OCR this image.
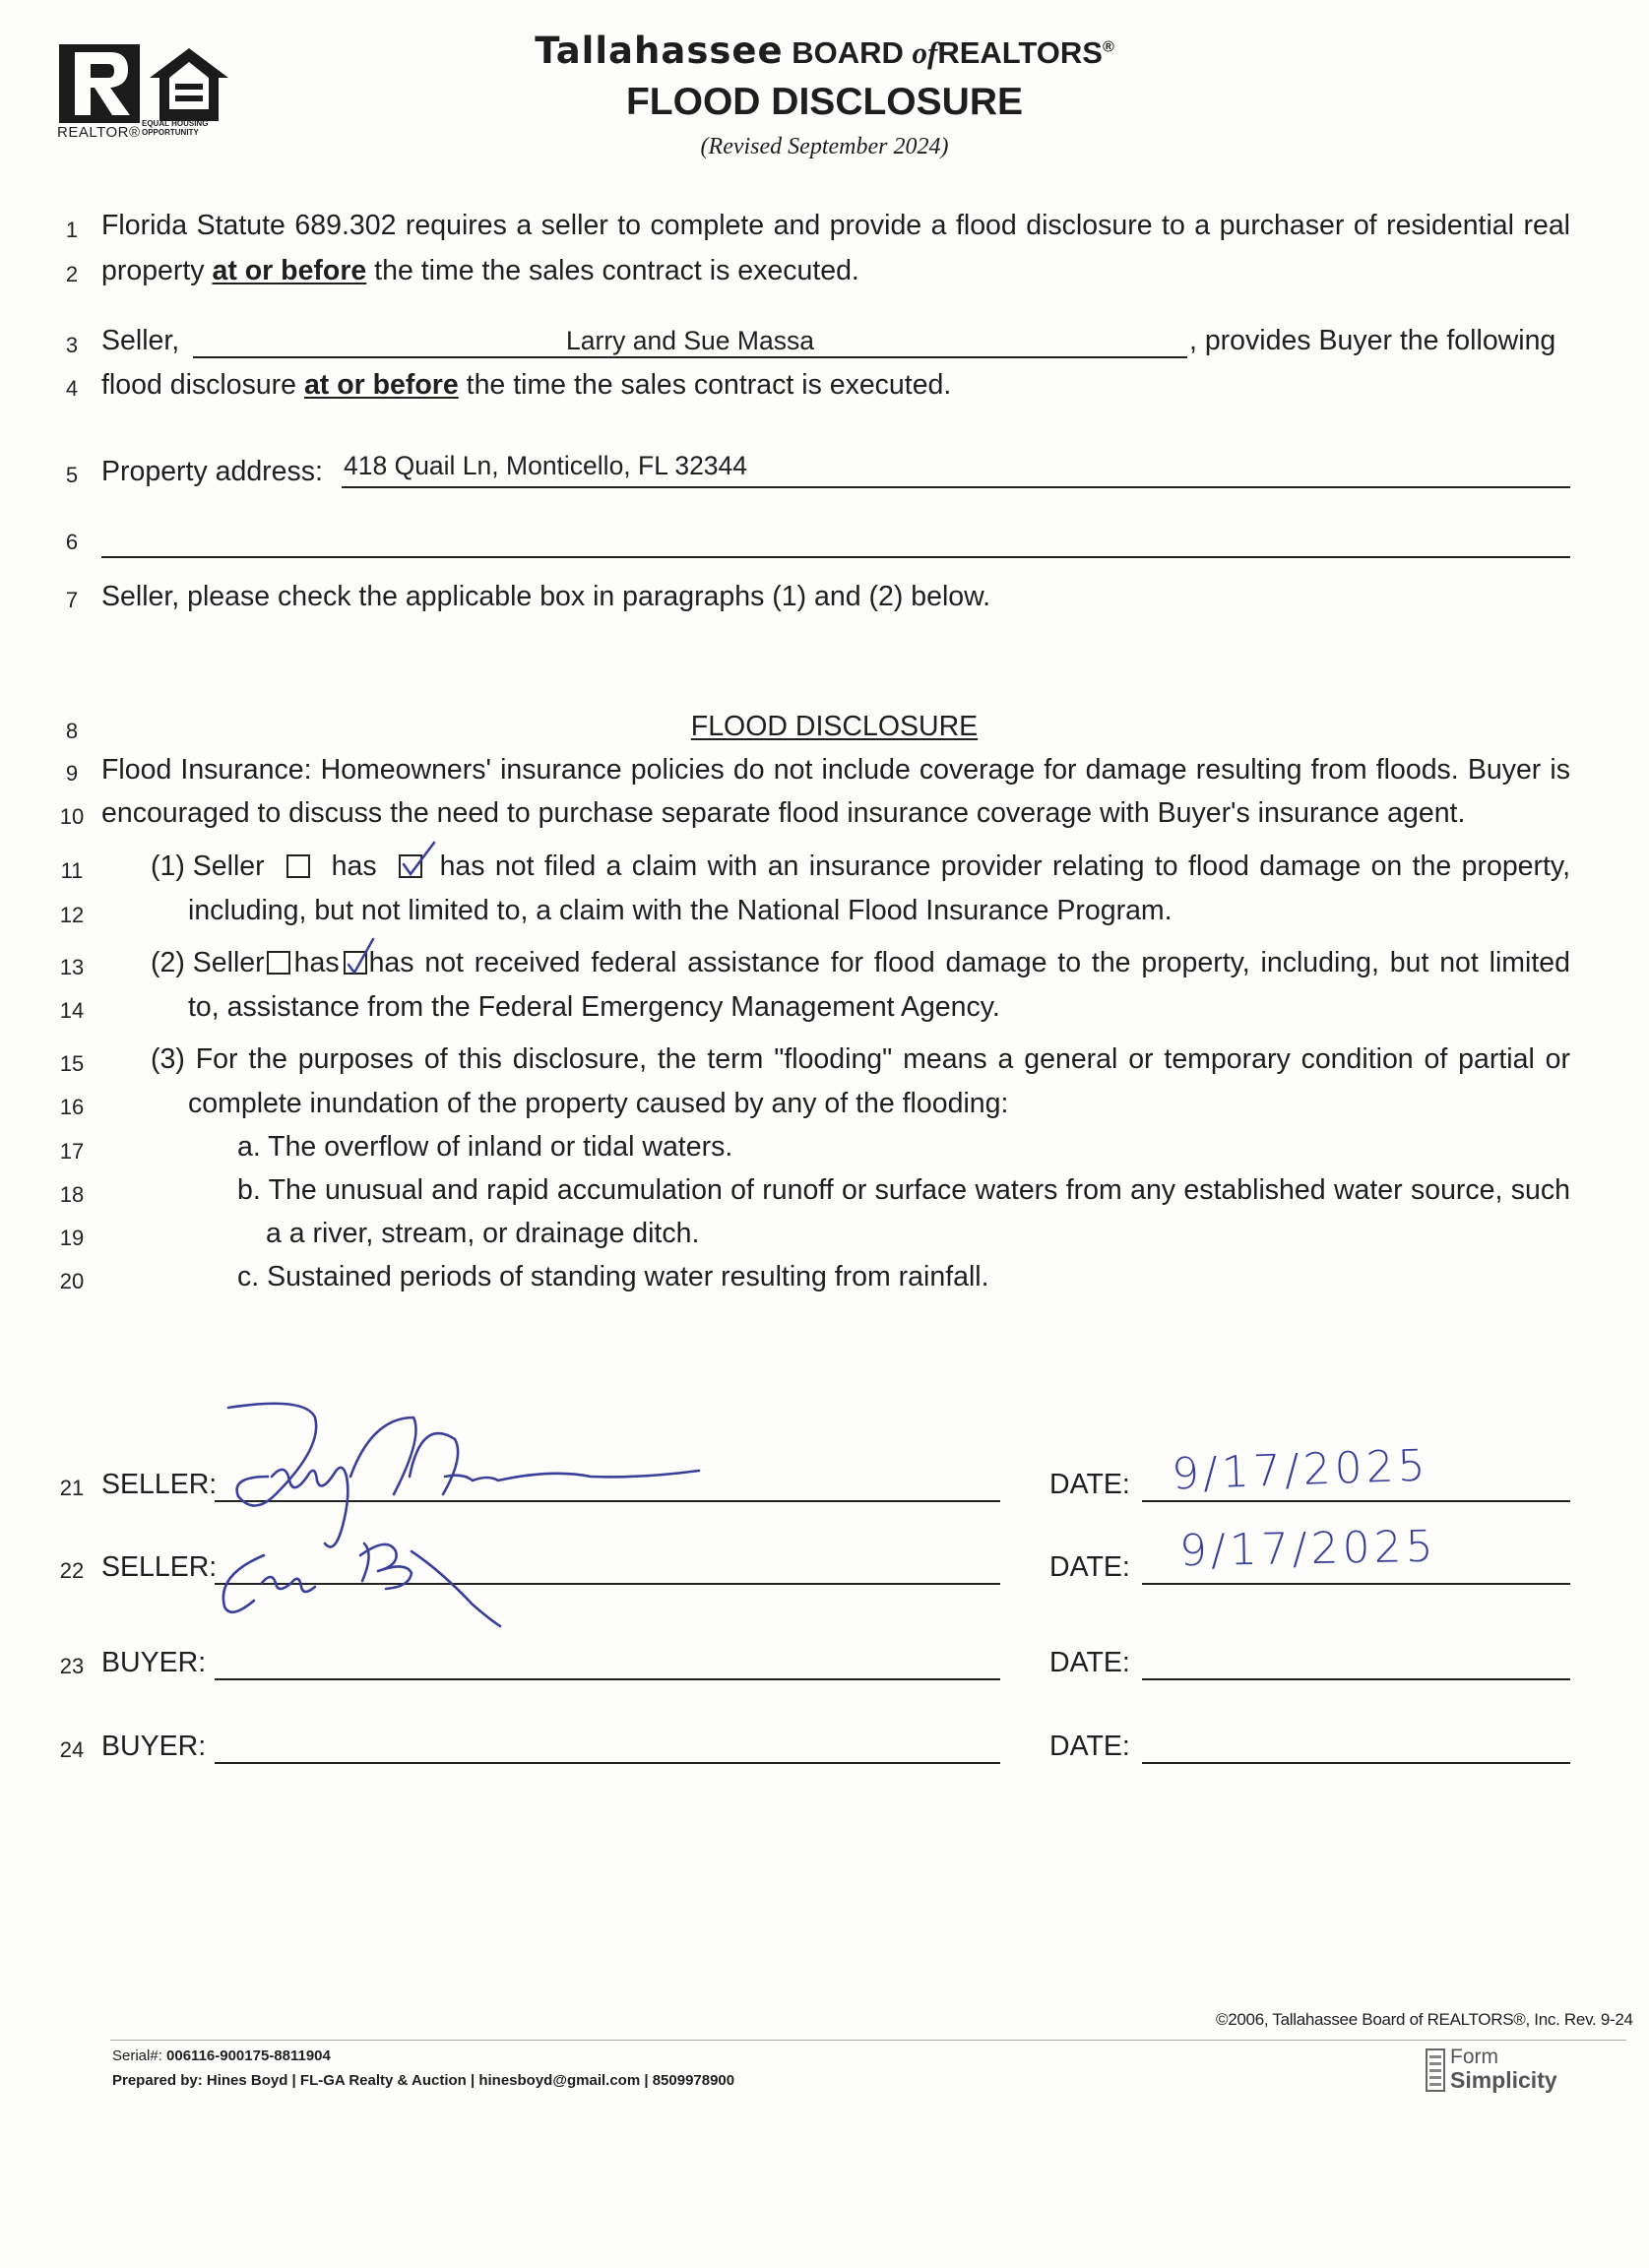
REALTOR®
EQUAL HOUSING
OPPORTUNITY
Tallahassee BOARD ofREALTORS®
FLOOD DISCLOSURE
(Revised September 2024)
1
2
3
4
5
6
7
8
9
10
11
12
13
14
15
16
17
18
19
20
21
22
23
24
Florida Statute 689.302 requires a seller to complete and provide a flood disclosure to a purchaser of residential real
property at or before the time the sales contract is executed.
Seller,	Larry and Sue Massa	, provides Buyer the following
flood disclosure at or before the time the sales contract is executed.
Property address: 418 Quail Ln, Monticello, FL 32344
Seller, please check the applicable box in paragraphs (1) and (2) below.
FLOOD DISCLOSURE
Flood Insurance: Homeowners' insurance policies do not include coverage for damage resulting from floods. Buyer is
encouraged to discuss the need to purchase separate flood insurance coverage with Buyer's insurance agent.
(1) Seller has has not filed a claim with an insurance provider relating to flood damage on the property,
including, but not limited to, a claim with the National Flood Insurance Program.
(2) Seller has has not received federal assistance for flood damage to the property, including, but not limited
to, assistance from the Federal Emergency Management Agency.
(3) For the purposes of this disclosure, the term "flooding" means a general or temporary condition of partial or
complete inundation of the property caused by any of the flooding:
a. The overflow of inland or tidal waters.
b. The unusual and rapid accumulation of runoff or surface waters from any established water source, such
a a river, stream, or drainage ditch.
c. Sustained periods of standing water resulting from rainfall.
SELLER:	DATE: 9/17/2025
SELLER:	DATE: 9/17/2025
BUYER:	DATE:
BUYER:	DATE:
©2006, Tallahassee Board of REALTORS®, Inc. Rev. 9-24
Serial#: 006116-900175-8811904
Prepared by: Hines Boyd | FL-GA Realty & Auction | hinesboyd@gmail.com | 8509978900
Form
Simplicity
